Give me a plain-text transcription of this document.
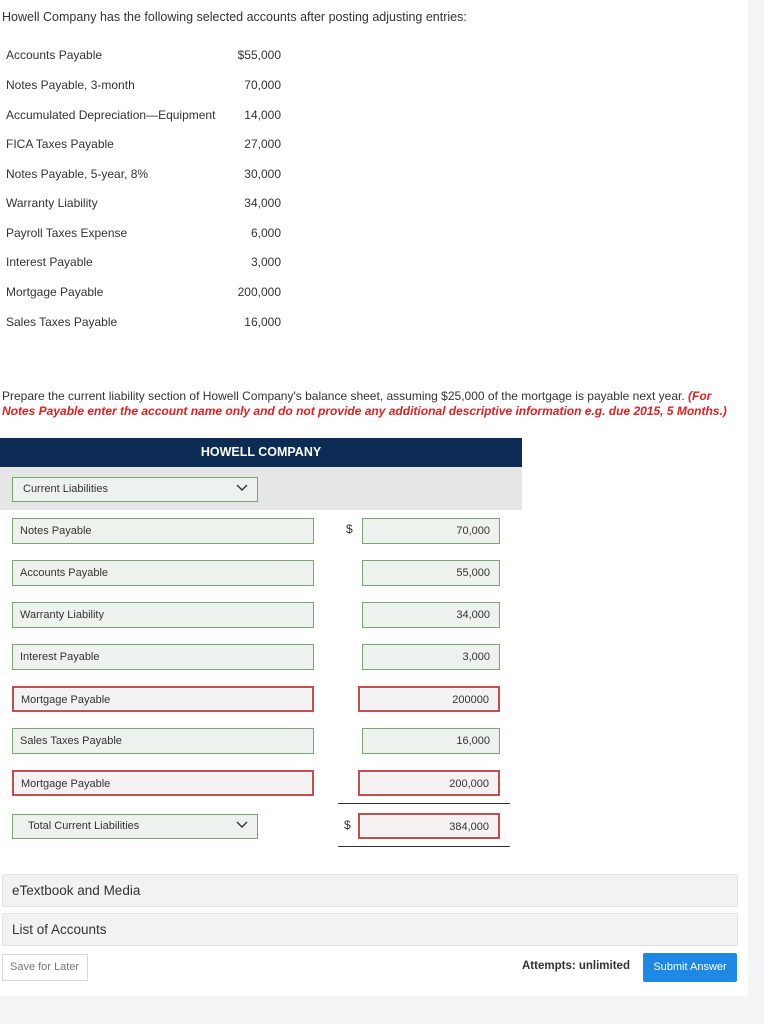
Howell Company has the following selected accounts after posting adjusting entries:
Accounts Payable	$55,000
Notes Payable, 3-month	70,000
Accumulated Depreciation—Equipment 14,000
FICA Taxes Payable	27,000
Notes Payable, 5-year, 8%	30,000
Warranty Liability	34,000
Payroll Taxes Expense	6,000
Interest Payable	3,000
Mortgage Payable	200,000
Sales Taxes Payable	16,000
Prepare the current liability section of Howell Company's balance sheet, assuming $25,000 of the mortgage is payable next year. (For Notes Payable enter the account name only and do not provide any additional descriptive information e.g. due 2015, 5 Months.)
HOWELL COMPANY
Current Liabilities
$
Notes Payable	70,000
Accounts Payable	55,000
Warranty Liability	34,000
Interest Payable	3,000
Mortgage Payable	200000
Sales Taxes Payable	16,000
Mortgage Payable	200,000
Total Current Liabilities	$	384,000
eTextbook and Media
List of Accounts
Save for Later	Attempts: unlimited	Submit Answer
